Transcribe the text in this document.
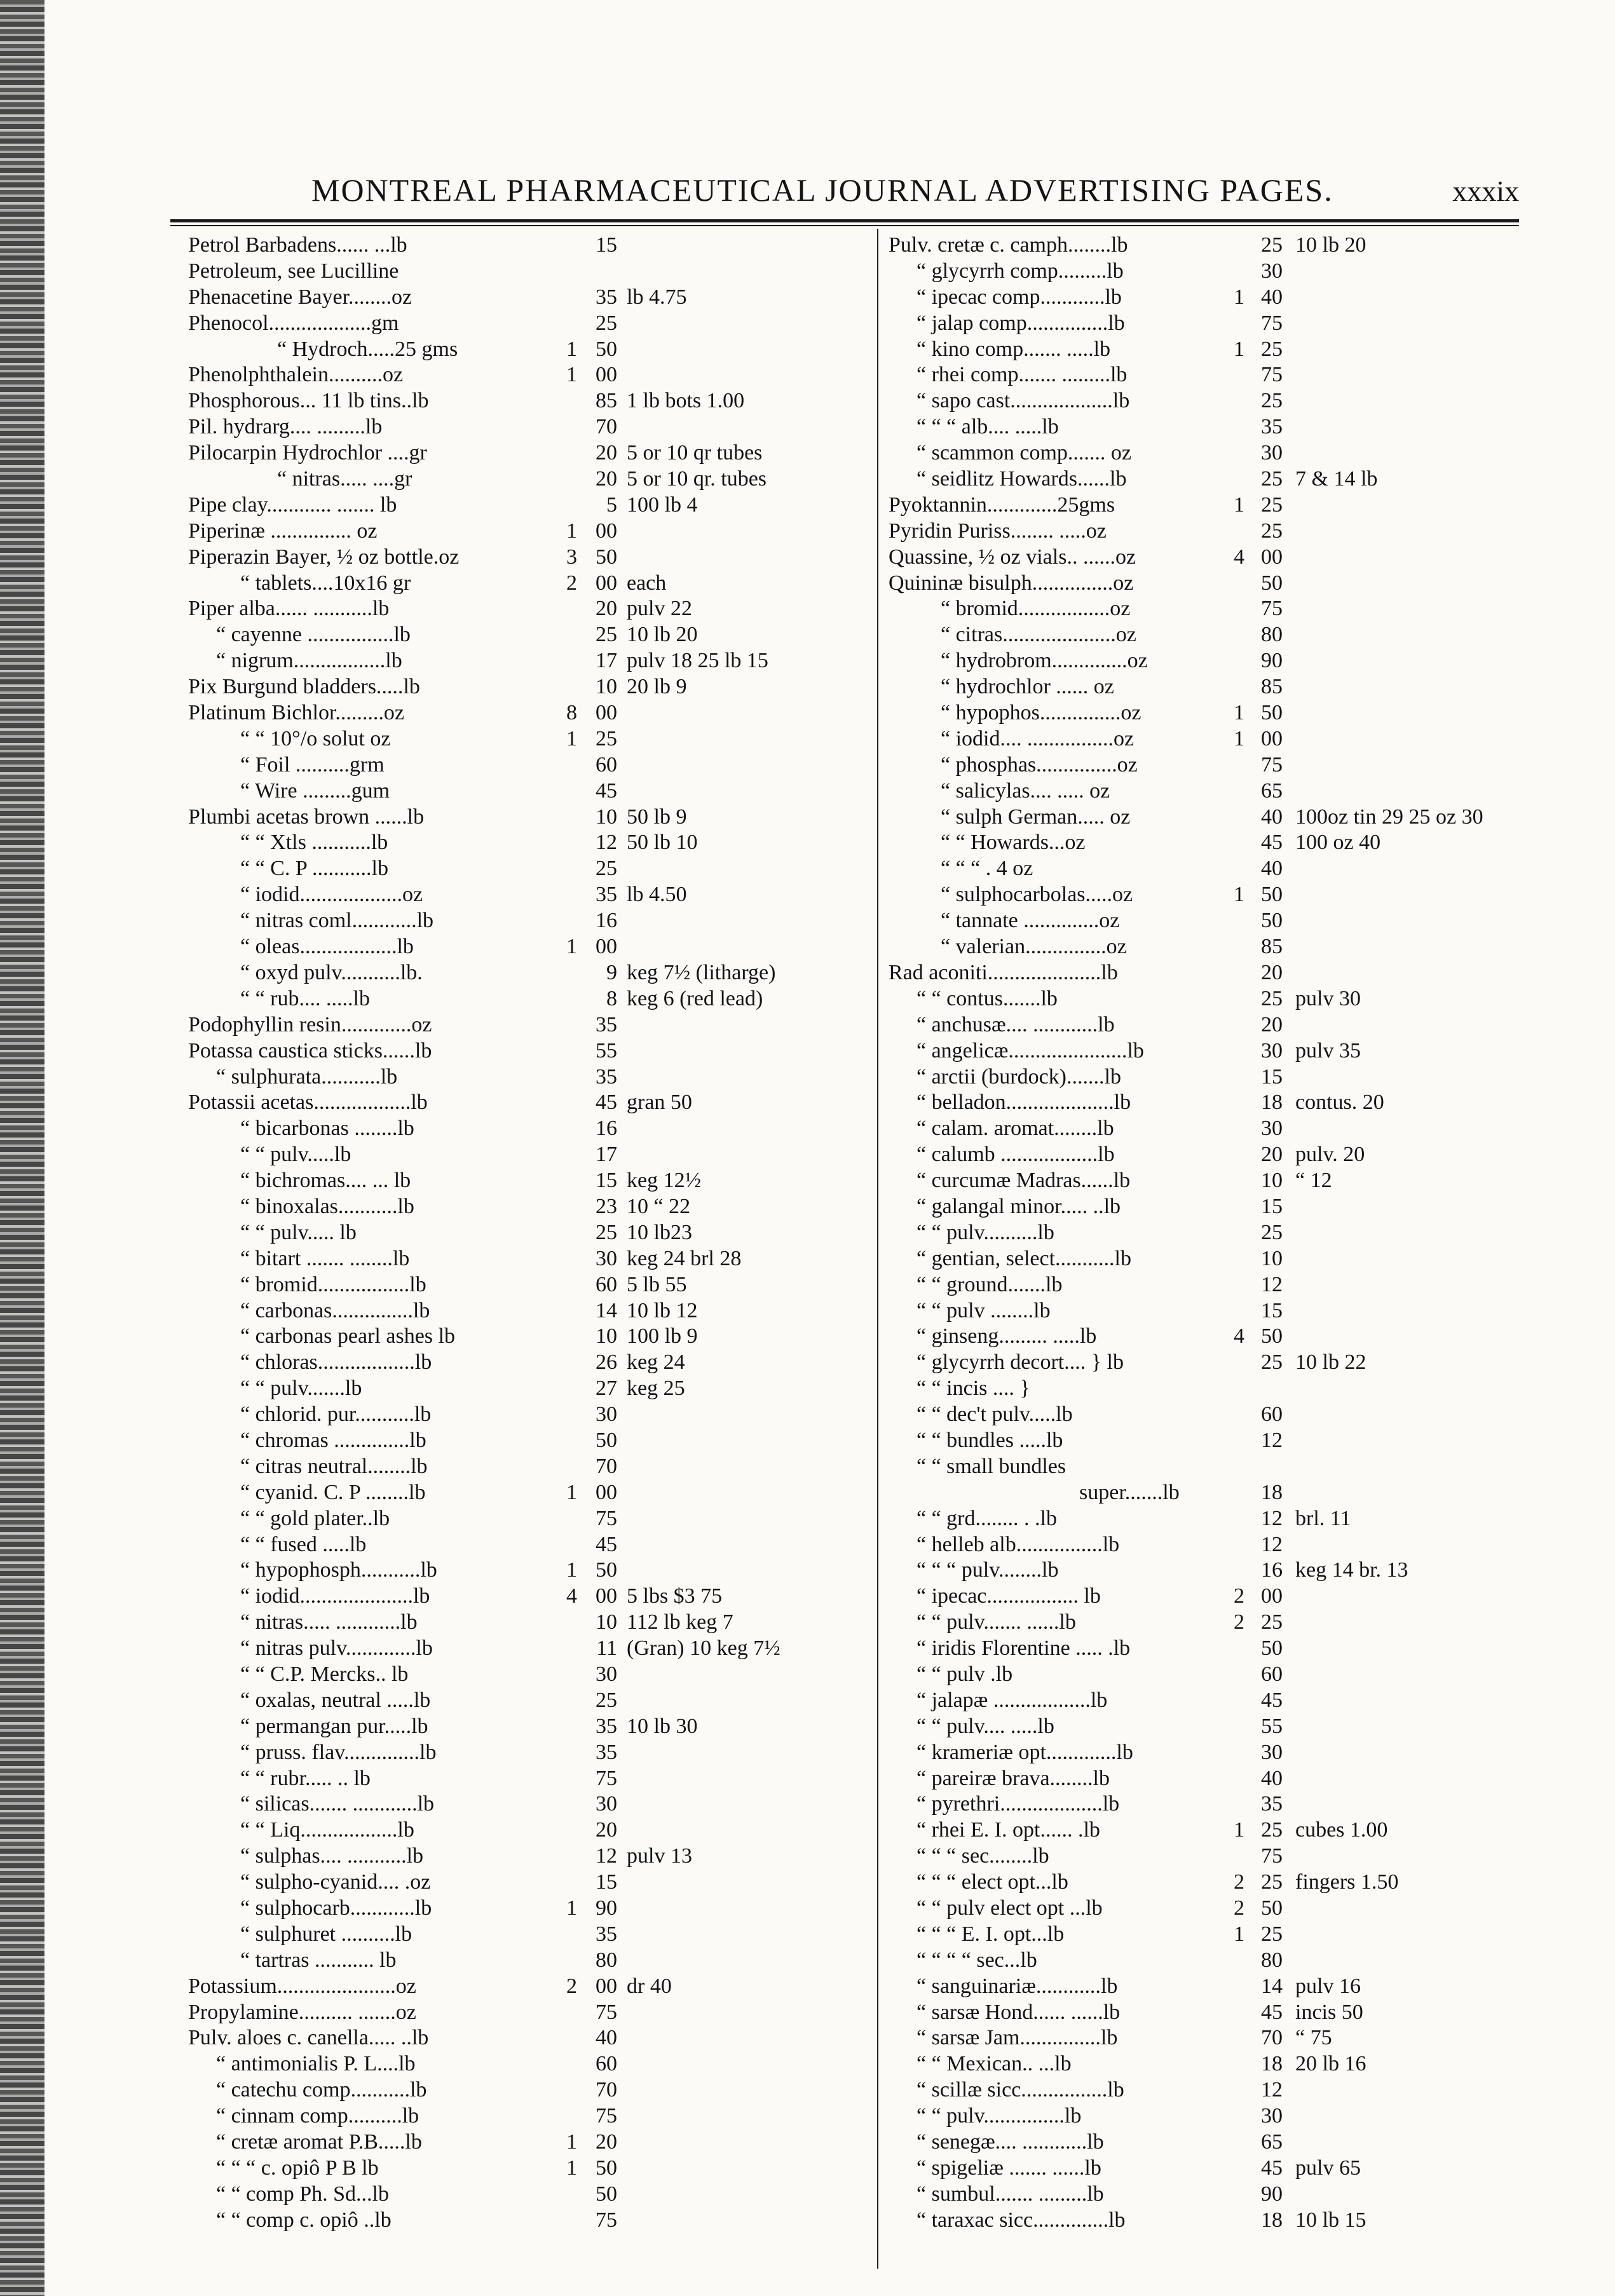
MONTREAL PHARMACEUTICAL JOURNAL ADVERTISING PAGES.	xxxix
Petrol Barbadens...... ...lb	15
Petroleum, see Lucilline
Phenacetine Bayer........oz	35 lb 4.75
Phenocol...................gm	25
“ Hydroch.....25 gms	1 50
Phenolphthalein..........oz	1 00
Phosphorous... 11 lb tins..lb	85 1 lb bots 1.00
Pil. hydrarg.... .........lb	70
Pilocarpin Hydrochlor ....gr	20 5 or 10 qr tubes
“ nitras..... ....gr	20 5 or 10 qr. tubes
Pipe clay............ ....... lb	5 100 lb 4
Piperinæ ............... oz	1 00
Piperazin Bayer, ½ oz bottle.oz	3 50
“ tablets....10x16 gr	2 00 each
Piper alba...... ...........lb	20 pulv 22
“ cayenne ................lb	25 10 lb 20
“ nigrum.................lb	17 pulv 18 25 lb 15
Pix Burgund bladders.....lb	10 20 lb 9
Platinum Bichlor.........oz	8 00
“ “ 10°/o solut oz	1 25
“ Foil ..........grm	60
“ Wire .........gum	45
Plumbi acetas brown ......lb	10 50 lb 9
“ “ Xtls ...........lb	12 50 lb 10
“ “ C. P ...........lb	25
“ iodid...................oz	35 lb 4.50
“ nitras coml............lb	16
“ oleas..................lb	1 00
“ oxyd pulv...........lb.	9 keg 7½ (litharge)
“ “ rub.... .....lb	8 keg 6 (red lead)
Podophyllin resin.............oz	35
Potassa caustica sticks......lb	55
“ sulphurata...........lb	35
Potassii acetas..................lb	45 gran 50
“ bicarbonas ........lb	16
“ “ pulv.....lb	17
“ bichromas.... ... lb	15 keg 12½
“ binoxalas...........lb	23 10 “ 22
“ “ pulv..... lb	25 10 lb23
“ bitart ....... ........lb	30 keg 24 brl 28
“ bromid.................lb	60 5 lb 55
“ carbonas...............lb	14 10 lb 12
“ carbonas pearl ashes lb	10 100 lb 9
“ chloras..................lb	26 keg 24
“ “ pulv.......lb	27 keg 25
“ chlorid. pur...........lb	30
“ chromas ..............lb	50
“ citras neutral........lb	70
“ cyanid. C. P ........lb	1 00
“ “ gold plater..lb	75
“ “ fused .....lb	45
“ hypophosph...........lb	1 50
“ iodid.....................lb	4 00 5 lbs $3 75
“ nitras..... ............lb	10 112 lb keg 7
“ nitras pulv.............lb	11 (Gran) 10 keg 7½
“ “ C.P. Mercks.. lb	30
“ oxalas, neutral .....lb	25
“ permangan pur.....lb	35 10 lb 30
“ pruss. flav..............lb	35
“ “ rubr..... .. lb	75
“ silicas....... ............lb	30
“ “ Liq..................lb	20
“ sulphas.... ...........lb	12 pulv 13
“ sulpho-cyanid.... .oz	15
“ sulphocarb............lb	1 90
“ sulphuret ..........lb	35
“ tartras ........... lb	80
Potassium......................oz	2 00 dr 40
Propylamine.......... .......oz	75
Pulv. aloes c. canella..... ..lb	40
“ antimonialis P. L....lb	60
“ catechu comp...........lb	70
“ cinnam comp..........lb	75
“ cretæ aromat P.B.....lb	1 20
“ “ “ c. opiô P B lb	1 50
“ “ comp Ph. Sd...lb	50
“ “ comp c. opiô ..lb	75
Pulv. cretæ c. camph........lb	25 10 lb 20
“ glycyrrh comp.........lb	30
“ ipecac comp............lb	1 40
“ jalap comp...............lb	75
“ kino comp....... .....lb	1 25
“ rhei comp....... .........lb	75
“ sapo cast...................lb	25
“ “ “ alb.... .....lb	35
“ scammon comp....... oz	30
“ seidlitz Howards......lb	25 7 & 14 lb
Pyoktannin.............25gms	1 25
Pyridin Puriss........ .....oz	25
Quassine, ½ oz vials.. ......oz	4 00
Quininæ bisulph...............oz	50
“ bromid.................oz	75
“ citras.....................oz	80
“ hydrobrom..............oz	90
“ hydrochlor ...... oz	85
“ hypophos...............oz	1 50
“ iodid.... ................oz	1 00
“ phosphas...............oz	75
“ salicylas.... ..... oz	65
“ sulph German..... oz	40 100oz tin 29 25 oz 30
“ “ Howards...oz	45 100 oz 40
“ “ “ . 4 oz	40
“ sulphocarbolas.....oz	1 50
“ tannate ..............oz	50
“ valerian...............oz	85
Rad aconiti.....................lb	20
“ “ contus.......lb	25 pulv 30
“ anchusæ.... ............lb	20
“ angelicæ......................lb	30 pulv 35
“ arctii (burdock).......lb	15
“ belladon....................lb	18 contus. 20
“ calam. aromat........lb	30
“ calumb ..................lb	20 pulv. 20
“ curcumæ Madras......lb	10 “ 12
“ galangal minor..... ..lb	15
“ “ pulv..........lb	25
“ gentian, select...........lb	10
“ “ ground.......lb	12
“ “ pulv ........lb	15
“ ginseng......... .....lb	4 50
“ glycyrrh decort.... } lb	25 10 lb 22
“ “ incis .... }
“ “ dec't pulv.....lb	60
“ “ bundles .....lb	12
“ “ small bundles
super.......lb	18
“ “ grd........ . .lb	12 brl. 11
“ helleb alb................lb	12
“ “ “ pulv........lb	16 keg 14 br. 13
“ ipecac................. lb	2 00
“ “ pulv....... ......lb	2 25
“ iridis Florentine ..... .lb	50
“ “ pulv .lb	60
“ jalapæ ..................lb	45
“ “ pulv.... .....lb	55
“ krameriæ opt.............lb	30
“ pareiræ brava........lb	40
“ pyrethri...................lb	35
“ rhei E. I. opt...... .lb	1 25 cubes 1.00
“ “ “ sec........lb	75
“ “ “ elect opt...lb	2 25 fingers 1.50
“ “ pulv elect opt ...lb	2 50
“ “ “ E. I. opt...lb	1 25
“ “ “ “ sec...lb	80
“ sanguinariæ............lb	14 pulv 16
“ sarsæ Hond...... ......lb	45 incis 50
“ sarsæ Jam...............lb	70 “ 75
“ “ Mexican.. ...lb	18 20 lb 16
“ scillæ sicc................lb	12
“ “ pulv...............lb	30
“ senegæ.... ............lb	65
“ spigeliæ ....... ......lb	45 pulv 65
“ sumbul....... .........lb	90
“ taraxac sicc..............lb	18 10 lb 15
